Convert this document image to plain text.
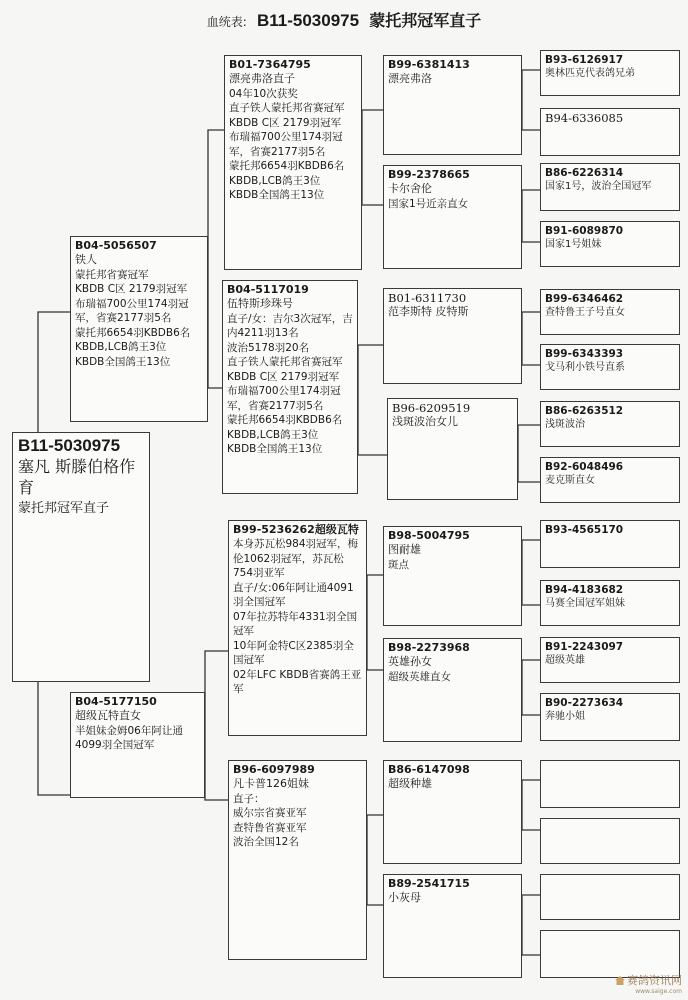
血统表: B11-5030975 蒙托邦冠军直子
B11-5030975
塞凡 斯滕伯格作育
蒙托邦冠军直子
B04-5056507
铁人
蒙托邦省赛冠军
KBDB C区 2179羽冠军
布瑞福700公里174羽冠军，省赛2177羽5名
蒙托邦6654羽KBDB6名
KBDB,LCB鸽王3位
KBDB全国鸽王13位
B04-5177150
超级瓦特直女
半姐妹金姆06年阿让通
4099羽全国冠军
B01-7364795
漂亮弗洛直子
04年10次获奖
直子铁人蒙托邦省赛冠军
KBDB C区 2179羽冠军
布瑞福700公里174羽冠军，省赛2177羽5名
蒙托邦6654羽KBDB6名
KBDB,LCB鸽王3位
KBDB全国鸽王13位
B04-5117019
伍特斯珍珠号
直子/女：吉尔3次冠军，吉内4211羽13名
波治5178羽20名
直子铁人蒙托邦省赛冠军
KBDB C区 2179羽冠军
布瑞福700公里174羽冠军，省赛2177羽5名
蒙托邦6654羽KBDB6名
KBDB,LCB鸽王3位
KBDB全国鸽王13位
B99-5236262超级瓦特
本身苏瓦松984羽冠军，梅伦1062羽冠军，苏瓦松754羽亚军
直子/女:06年阿让通4091羽全国冠军
07年拉苏特年4331羽全国冠军
10年阿金特C区2385羽全国冠军
02年LFC KBDB省赛鸽王亚军
B96-6097989
凡卡普126姐妹
直子：
威尔宗省赛亚军
查特鲁省赛亚军
波治全国12名
B99-6381413
漂亮弗洛
B99-2378665
卡尔舍伦
国家1号近亲直女
B01-6311730
范李斯特 皮特斯
B96-6209519
浅斑波治女儿
B98-5004795
图耐雄
斑点
B98-2273968
英雄孙女
超级英雄直女
B86-6147098
超级种雄
B89-2541715
小灰母
B93-6126917
奥林匹克代表鸽兄弟
B94-6336085
B86-6226314
国家1号，波治全国冠军
B91-6089870
国家1号姐妹
B99-6346462
查特鲁王子号直女
B99-6343393
戈马利小铁号直系
B86-6263512
浅斑波治
B92-6048496
麦克斯直女
B93-4565170
B94-4183682
马赛全国冠军姐妹
B91-2243097
超级英雄
B90-2273634
奔驰小姐
赛鸽资讯网
www.saige.com
